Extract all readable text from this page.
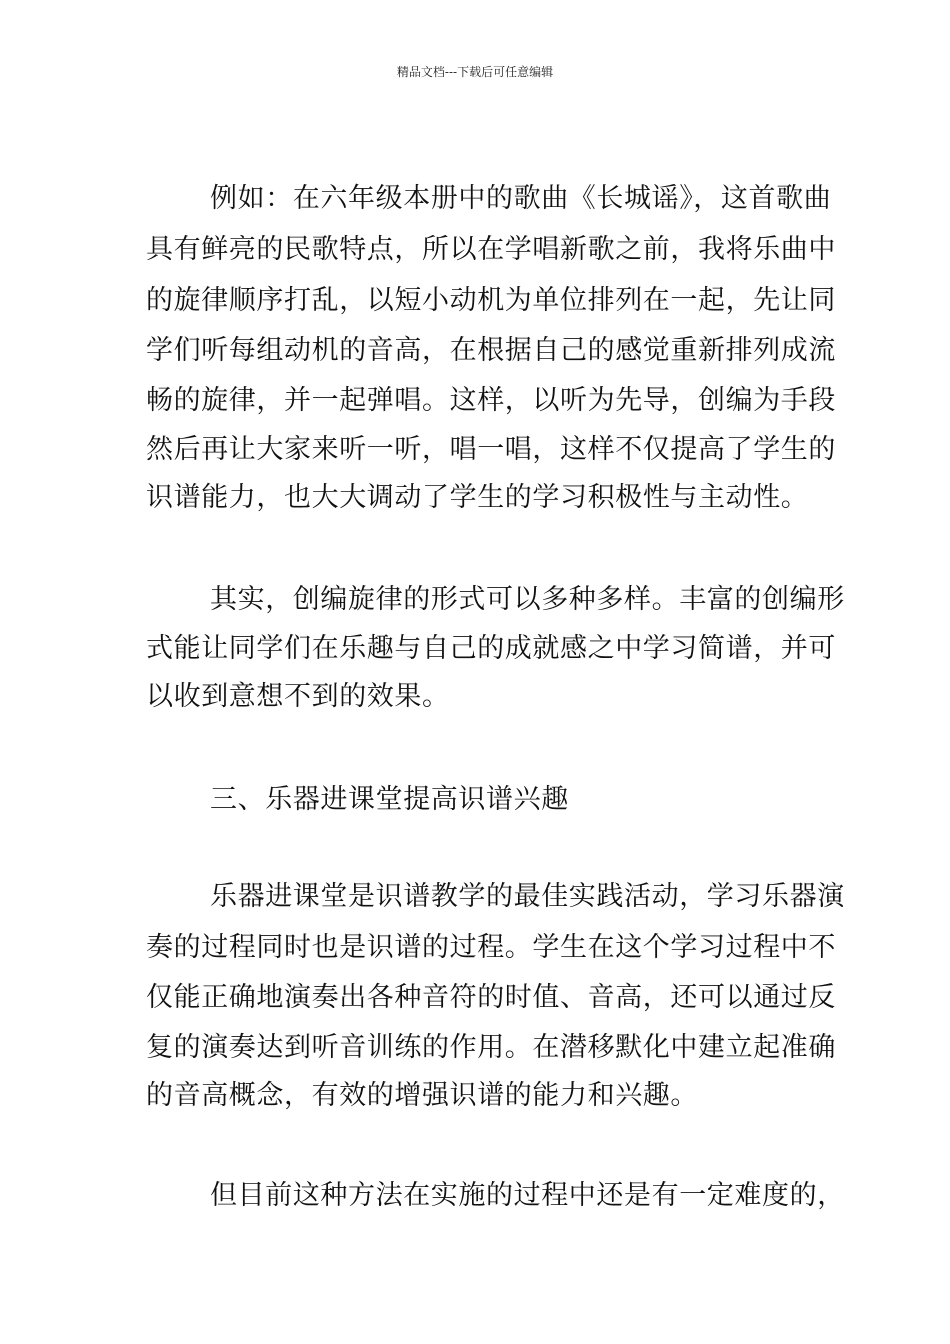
精品文档---下载后可任意编辑
例如：在六年级本册中的歌曲《长城谣》，这首歌曲
具有鲜亮的民歌特点，所以在学唱新歌之前，我将乐曲中
的旋律顺序打乱，以短小动机为单位排列在一起，先让同
学们听每组动机的音高，在根据自己的感觉重新排列成流
畅的旋律，并一起弹唱。这样，以听为先导，创编为手段
然后再让大家来听一听，唱一唱，这样不仅提高了学生的
识谱能力，也大大调动了学生的学习积极性与主动性。
其实，创编旋律的形式可以多种多样。丰富的创编形
式能让同学们在乐趣与自己的成就感之中学习简谱，并可
以收到意想不到的效果。
三、乐器进课堂提高识谱兴趣
乐器进课堂是识谱教学的最佳实践活动，学习乐器演
奏的过程同时也是识谱的过程。学生在这个学习过程中不
仅能正确地演奏出各种音符的时值、音高，还可以通过反
复的演奏达到听音训练的作用。在潜移默化中建立起准确
的音高概念，有效的增强识谱的能力和兴趣。
但目前这种方法在实施的过程中还是有一定难度的，
